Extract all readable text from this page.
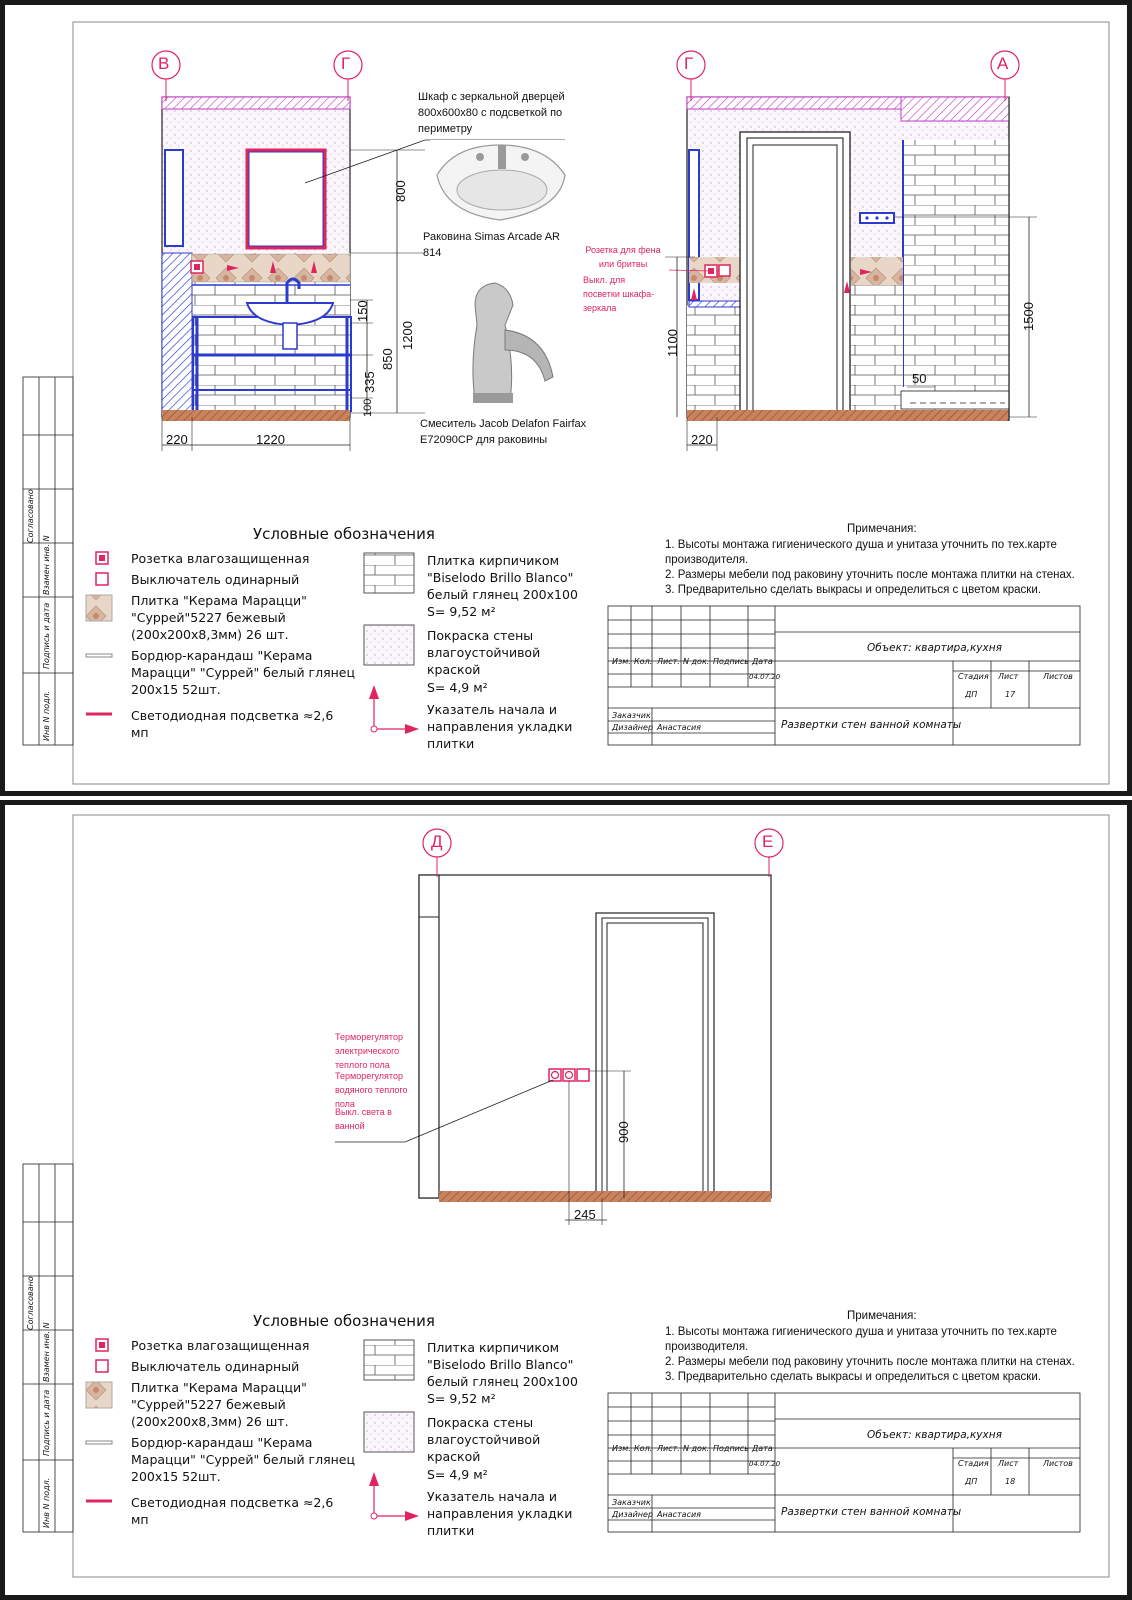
В	Г	Г	А
Шкаф с зеркальной дверцей 800х600х80 с подсветкой по периметру
Раковина Simas Arcade AR 814
Смеситель Jacob Delafon Fairfax E72090CP для раковины
Розетка для фена или бритвы
Выкл. для посветки шкафа-зеркала
800
1200
150
850
335
100
220	1220
1100
1500
50
220
Условные обозначения
Розетка влагозащищенная
Выключатель одинарный
Плитка "Керама Марацци" "Суррей"5227 бежевый (200х200х8,3мм) 26 шт.
Бордюр-карандаш "Керама Марацци" "Суррей" белый глянец 200х15 52шт.
Светодиодная подсветка ≈2,6 мп
Плитка кирпичиком "Biselodo Brillo Blanco" белый глянец 200х100
S= 9,52 м²
Покраска стены влагоустойчивой краской
S= 4,9 м²
Указатель начала и направления укладки плитки
Примечания:
1. Высоты монтажа гигиенического душа и унитаза уточнить по тех.карте производителя.
2. Размеры мебели под раковину уточнить после монтажа плитки на стенах.
3. Предварительно сделать выкрасы и определиться с цветом краски.
Изм. Кол. Лист. N док. Подпись Дата
04.07.20
Объект: квартира,кухня
Стадия Лист	Листов
ДП	17
Заказчик
Дизайнер Анастасия	Развертки стен ванной комнаты
Согласовано
Взамен инв. N
Подпись и дата
Инв N подл.
Д	Е
Терморегулятор электрического теплого пола
Терморегулятор водяного теплого пола
Выкл. света в ванной	900
245
Условные обозначения
Розетка влагозащищенная
Выключатель одинарный
Плитка "Керама Марацци" "Суррей"5227 бежевый (200х200х8,3мм) 26 шт.
Бордюр-карандаш "Керама Марацци" "Суррей" белый глянец 200х15 52шт.
Светодиодная подсветка ≈2,6 мп
Плитка кирпичиком "Biselodo Brillo Blanco" белый глянец 200х100
S= 9,52 м²
Покраска стены влагоустойчивой краской
S= 4,9 м²
Указатель начала и направления укладки плитки
Примечания:
1. Высоты монтажа гигиенического душа и унитаза уточнить по тех.карте производителя.
2. Размеры мебели под раковину уточнить после монтажа плитки на стенах.
3. Предварительно сделать выкрасы и определиться с цветом краски.
Изм. Кол. Лист. N док. Подпись Дата
04.07.20
Объект: квартира,кухня
Стадия Лист	Листов
ДП	18
Заказчик
Дизайнер Анастасия	Развертки стен ванной комнаты
Согласовано
Взамен инв. N
Подпись и дата
Инв N подл.
